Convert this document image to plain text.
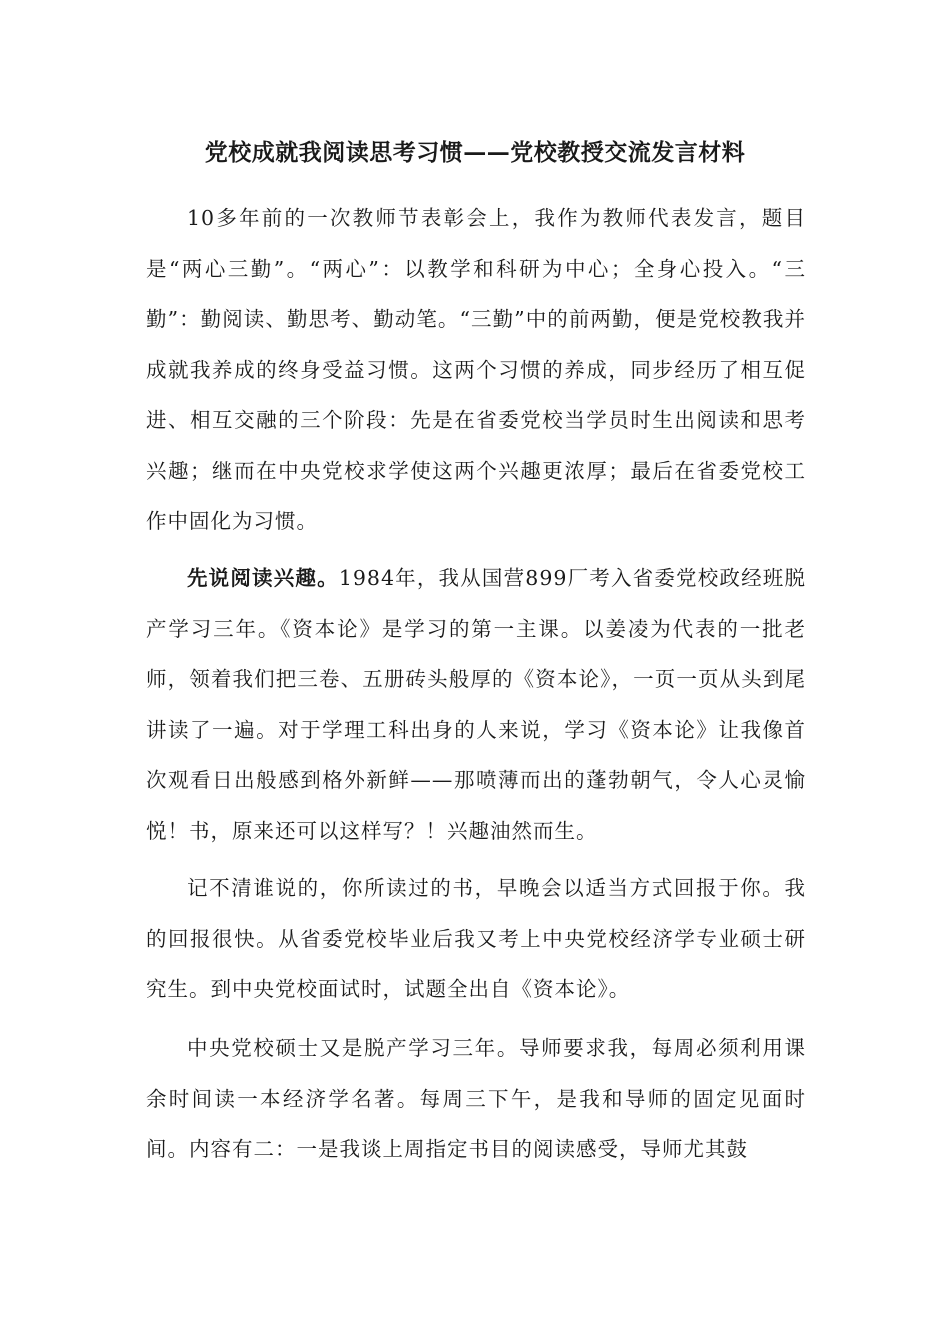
党校成就我阅读思考习惯——党校教授交流发言材料

10多年前的一次教师节表彰会上，我作为教师代表发言，题目是“两心三勤”。“两心”：以教学和科研为中心；全身心投入。“三勤”：勤阅读、勤思考、勤动笔。“三勤”中的前两勤，便是党校教我并成就我养成的终身受益习惯。这两个习惯的养成，同步经历了相互促进、相互交融的三个阶段：先是在省委党校当学员时生出阅读和思考兴趣；继而在中央党校求学使这两个兴趣更浓厚；最后在省委党校工作中固化为习惯。

先说阅读兴趣。1984年，我从国营899厂考入省委党校政经班脱产学习三年。《资本论》是学习的第一主课。以姜凌为代表的一批老师，领着我们把三卷、五册砖头般厚的《资本论》，一页一页从头到尾讲读了一遍。对于学理工科出身的人来说，学习《资本论》让我像首次观看日出般感到格外新鲜——那喷薄而出的蓬勃朝气，令人心灵愉悦！书，原来还可以这样写？！兴趣油然而生。

记不清谁说的，你所读过的书，早晚会以适当方式回报于你。我的回报很快。从省委党校毕业后我又考上中央党校经济学专业硕士研究生。到中央党校面试时，试题全出自《资本论》。

中央党校硕士又是脱产学习三年。导师要求我，每周必须利用课余时间读一本经济学名著。每周三下午，是我和导师的固定见面时间。内容有二：一是我谈上周指定书目的阅读感受，导师尤其鼓
